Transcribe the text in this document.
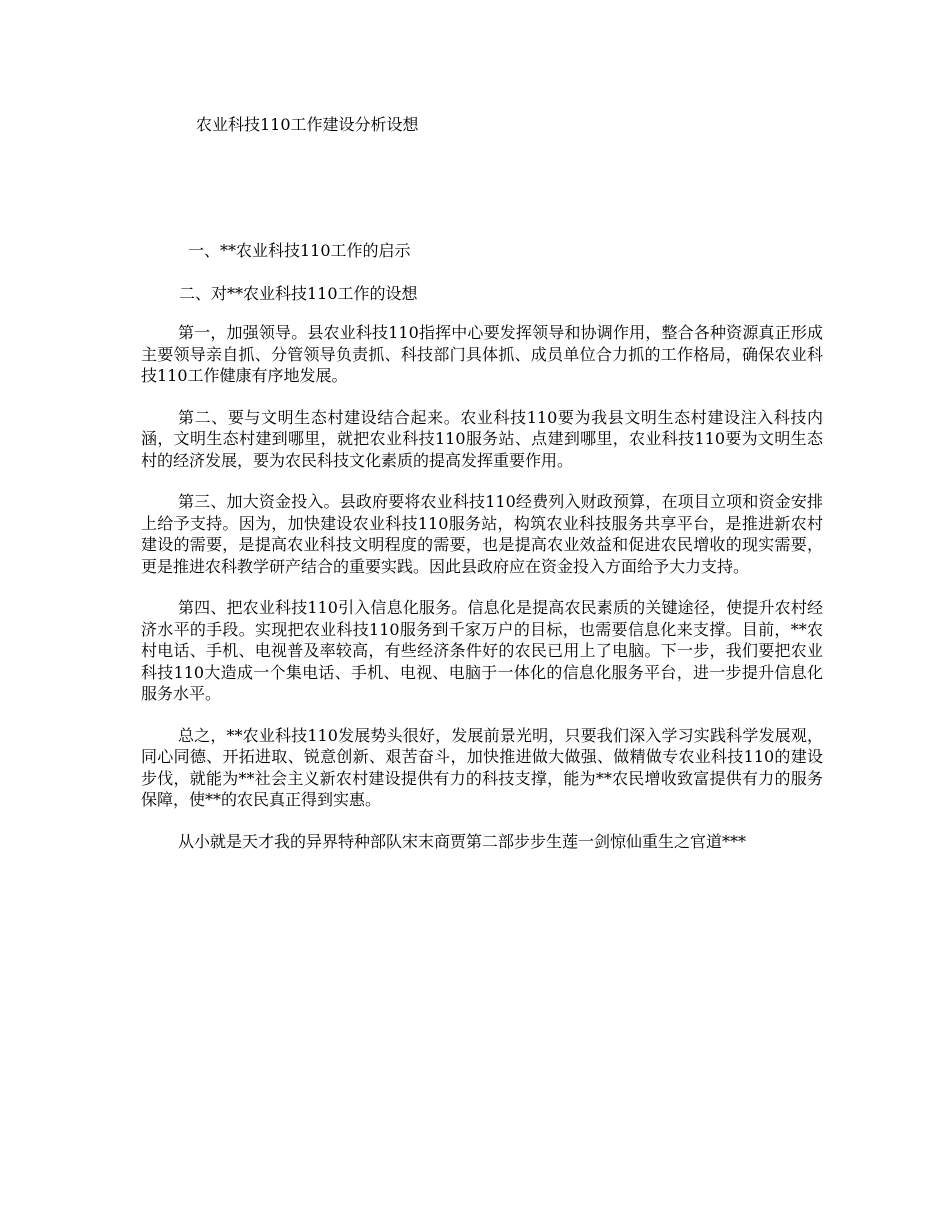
农业科技110工作建设分析设想
一、**农业科技110工作的启示
二、对**农业科技110工作的设想

第一，加强领导。县农业科技110指挥中心要发挥领导和协调作用，整合各种资源真正形成主要领导亲自抓、分管领导负责抓、科技部门具体抓、成员单位合力抓的工作格局，确保农业科技110工作健康有序地发展。

第二、要与文明生态村建设结合起来。农业科技110要为我县文明生态村建设注入科技内涵，文明生态村建到哪里，就把农业科技110服务站、点建到哪里，农业科技110要为文明生态村的经济发展，要为农民科技文化素质的提高发挥重要作用。

第三、加大资金投入。县政府要将农业科技110经费列入财政预算，在项目立项和资金安排上给予支持。因为，加快建设农业科技110服务站，构筑农业科技服务共享平台，是推进新农村建设的需要，是提高农业科技文明程度的需要，也是提高农业效益和促进农民增收的现实需要，更是推进农科教学研产结合的重要实践。因此县政府应在资金投入方面给予大力支持。

第四、把农业科技110引入信息化服务。信息化是提高农民素质的关键途径，使提升农村经济水平的手段。实现把农业科技110服务到千家万户的目标，也需要信息化来支撑。目前，**农村电话、手机、电视普及率较高，有些经济条件好的农民已用上了电脑。下一步，我们要把农业科技110大造成一个集电话、手机、电视、电脑于一体化的信息化服务平台，进一步提升信息化服务水平。

总之，**农业科技110发展势头很好，发展前景光明，只要我们深入学习实践科学发展观，同心同德、开拓进取、锐意创新、艰苦奋斗，加快推进做大做强、做精做专农业科技110的建设步伐，就能为**社会主义新农村建设提供有力的科技支撑，能为**农民增收致富提供有力的服务保障，使**的农民真正得到实惠。

从小就是天才我的异界特种部队宋末商贾第二部步步生莲一剑惊仙重生之官道***
